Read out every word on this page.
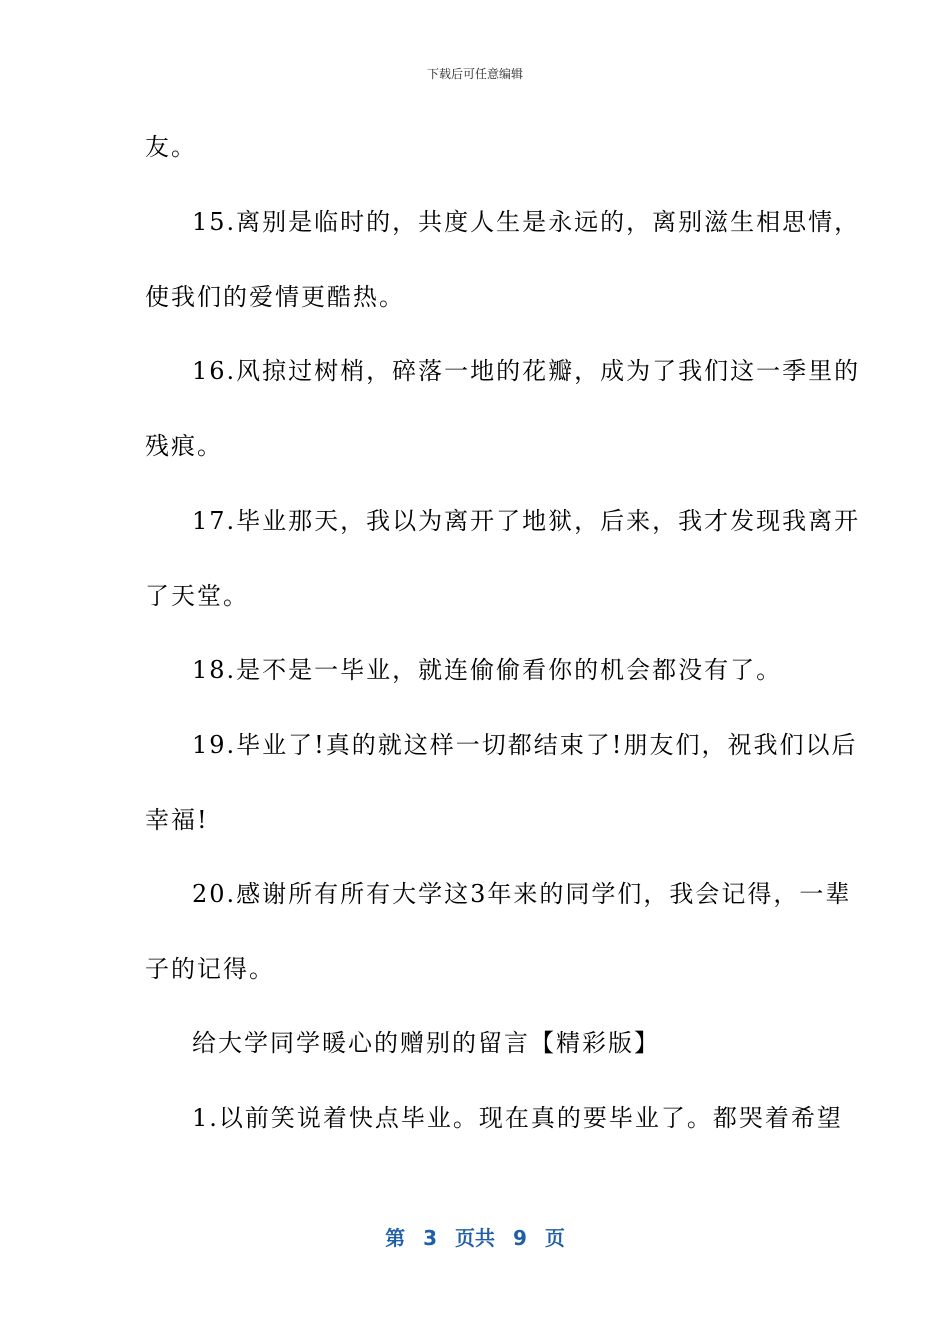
下载后可任意编辑
友。
15.离别是临时的，共度人生是永远的，离别滋生相思情，
使我们的爱情更酷热。
16.风掠过树梢，碎落一地的花瓣，成为了我们这一季里的
残痕。
17.毕业那天，我以为离开了地狱，后来，我才发现我离开
了天堂。
18.是不是一毕业，就连偷偷看你的机会都没有了。
19.毕业了!真的就这样一切都结束了!朋友们，祝我们以后
幸福!
20.感谢所有所有大学这3年来的同学们，我会记得，一辈
子的记得。
给大学同学暖心的赠别的留言【精彩版】
1.以前笑说着快点毕业。现在真的要毕业了。都哭着希望
第 3 页共 9 页
